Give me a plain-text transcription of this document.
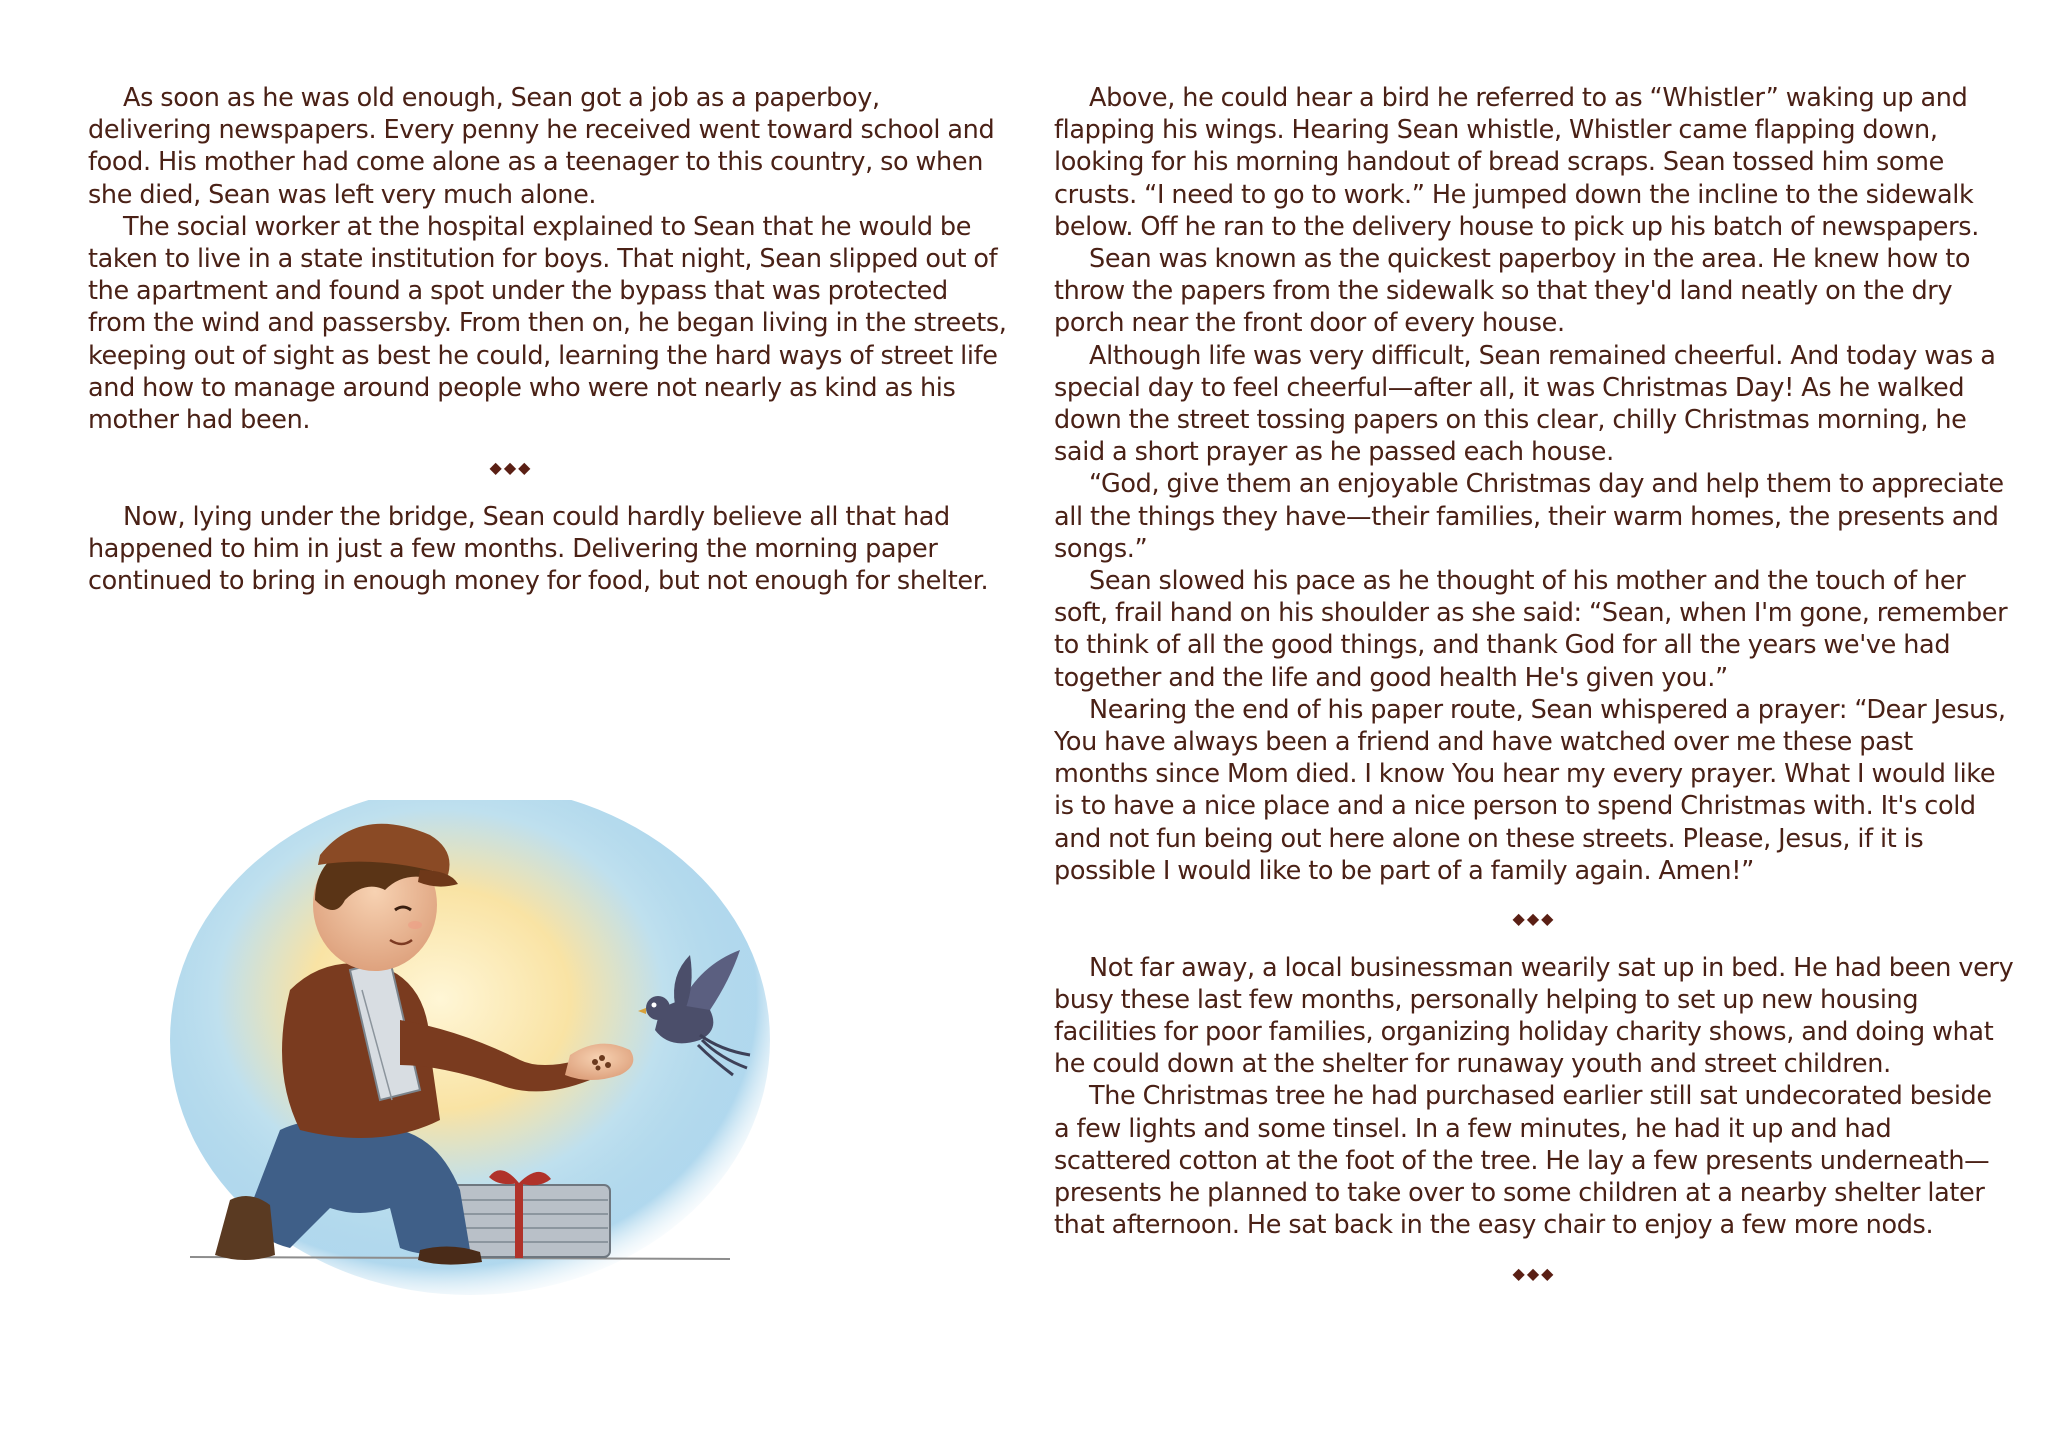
As soon as he was old enough, Sean got a job as a paperboy, delivering newspapers. Every penny he received went toward school and food. His mother had come alone as a teenager to this country, so when she died, Sean was left very much alone.

The social worker at the hospital explained to Sean that he would be taken to live in a state institution for boys. That night, Sean slipped out of the apartment and found a spot under the bypass that was protected from the wind and passersby. From then on, he began living in the streets, keeping out of sight as best he could, learning the hard ways of street life and how to manage around people who were not nearly as kind as his mother had been.

◆◆◆

Now, lying under the bridge, Sean could hardly believe all that had happened to him in just a few months. Delivering the morning paper continued to bring in enough money for food, but not enough for shelter.

Above, he could hear a bird he referred to as “Whistler” waking up and flapping his wings. Hearing Sean whistle, Whistler came flapping down, looking for his morning handout of bread scraps. Sean tossed him some crusts. “I need to go to work.” He jumped down the incline to the sidewalk below. Off he ran to the delivery house to pick up his batch of newspapers.

Sean was known as the quickest paperboy in the area. He knew how to throw the papers from the sidewalk so that they'd land neatly on the dry porch near the front door of every house.

Although life was very difficult, Sean remained cheerful. And today was a special day to feel cheerful—after all, it was Christmas Day! As he walked down the street tossing papers on this clear, chilly Christmas morning, he said a short prayer as he passed each house.

“God, give them an enjoyable Christmas day and help them to appreciate all the things they have—their families, their warm homes, the presents and songs.”

Sean slowed his pace as he thought of his mother and the touch of her soft, frail hand on his shoulder as she said: “Sean, when I'm gone, remember to think of all the good things, and thank God for all the years we've had together and the life and good health He's given you.”

Nearing the end of his paper route, Sean whispered a prayer: “Dear Jesus, You have always been a friend and have watched over me these past months since Mom died. I know You hear my every prayer. What I would like is to have a nice place and a nice person to spend Christmas with. It's cold and not fun being out here alone on these streets. Please, Jesus, if it is possible I would like to be part of a family again. Amen!”

◆◆◆

Not far away, a local businessman wearily sat up in bed. He had been very busy these last few months, personally helping to set up new housing facilities for poor families, organizing holiday charity shows, and doing what he could down at the shelter for runaway youth and street children.

The Christmas tree he had purchased earlier still sat undecorated beside a few lights and some tinsel. In a few minutes, he had it up and had scattered cotton at the foot of the tree. He lay a few presents underneath—presents he planned to take over to some children at a nearby shelter later that afternoon. He sat back in the easy chair to enjoy a few more nods.

◆◆◆
